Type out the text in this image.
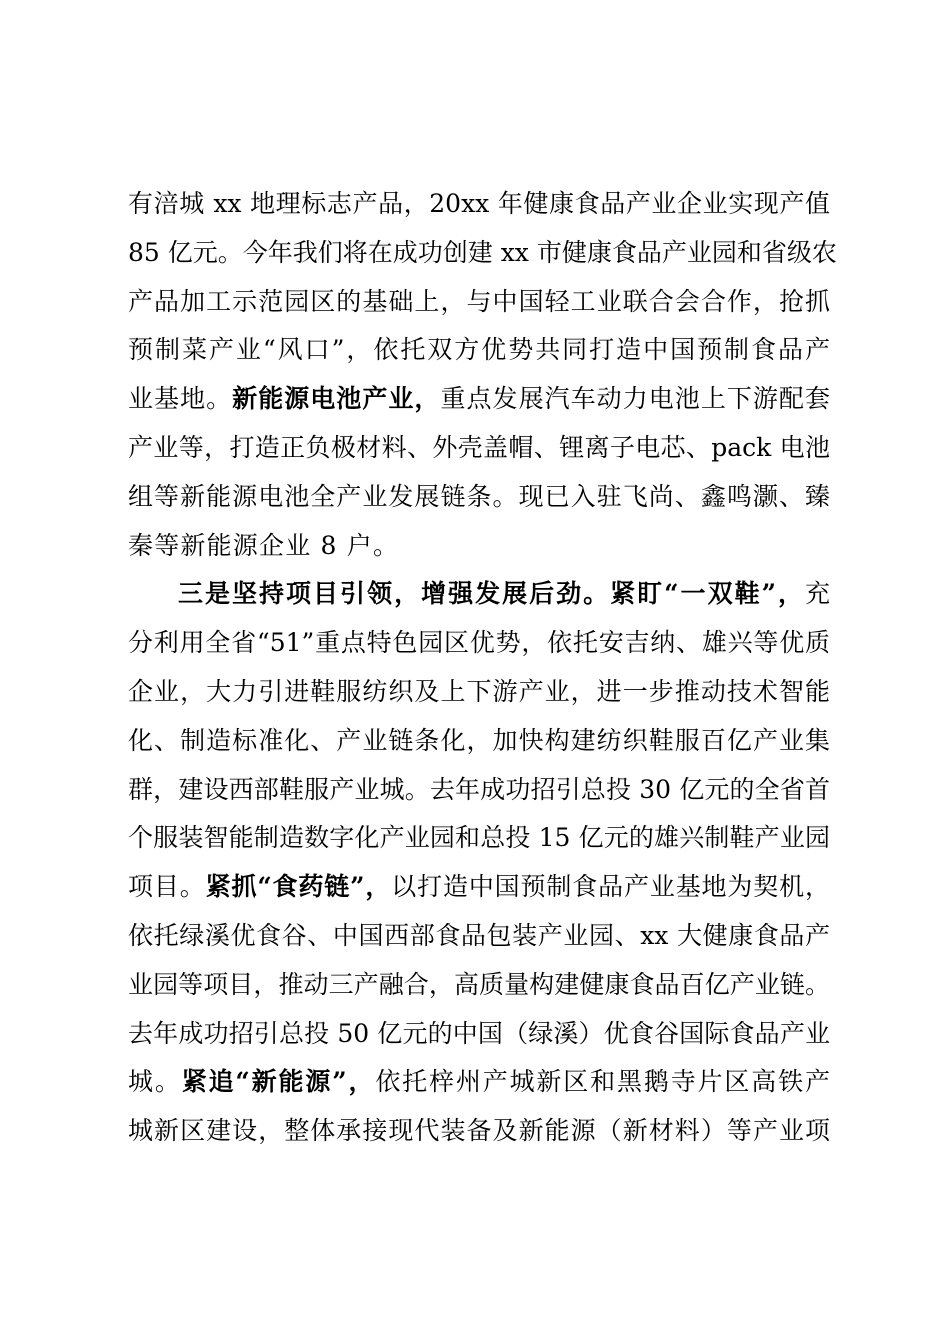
有涪城 xx 地理标志产品，20xx 年健康食品产业企业实现产值
85 亿元。今年我们将在成功创建 xx 市健康食品产业园和省级农
产品加工示范园区的基础上，与中国轻工业联合会合作，抢抓
预制菜产业“风口”，依托双方优势共同打造中国预制食品产
业基地。新能源电池产业，重点发展汽车动力电池上下游配套
产业等，打造正负极材料、外壳盖帽、锂离子电芯、pack 电池
组等新能源电池全产业发展链条。现已入驻飞尚、鑫鸣灏、臻
秦等新能源企业 8 户。
三是坚持项目引领，增强发展后劲。紧盯“一双鞋”，充
分利用全省“51”重点特色园区优势，依托安吉纳、雄兴等优质
企业，大力引进鞋服纺织及上下游产业，进一步推动技术智能
化、制造标准化、产业链条化，加快构建纺织鞋服百亿产业集
群，建设西部鞋服产业城。去年成功招引总投 30 亿元的全省首
个服装智能制造数字化产业园和总投 15 亿元的雄兴制鞋产业园
项目。紧抓“食药链”，以打造中国预制食品产业基地为契机，
依托绿溪优食谷、中国西部食品包装产业园、xx 大健康食品产
业园等项目，推动三产融合，高质量构建健康食品百亿产业链。
去年成功招引总投 50 亿元的中国（绿溪）优食谷国际食品产业
城。紧追“新能源”，依托梓州产城新区和黑鹅寺片区高铁产
城新区建设，整体承接现代装备及新能源（新材料）等产业项
